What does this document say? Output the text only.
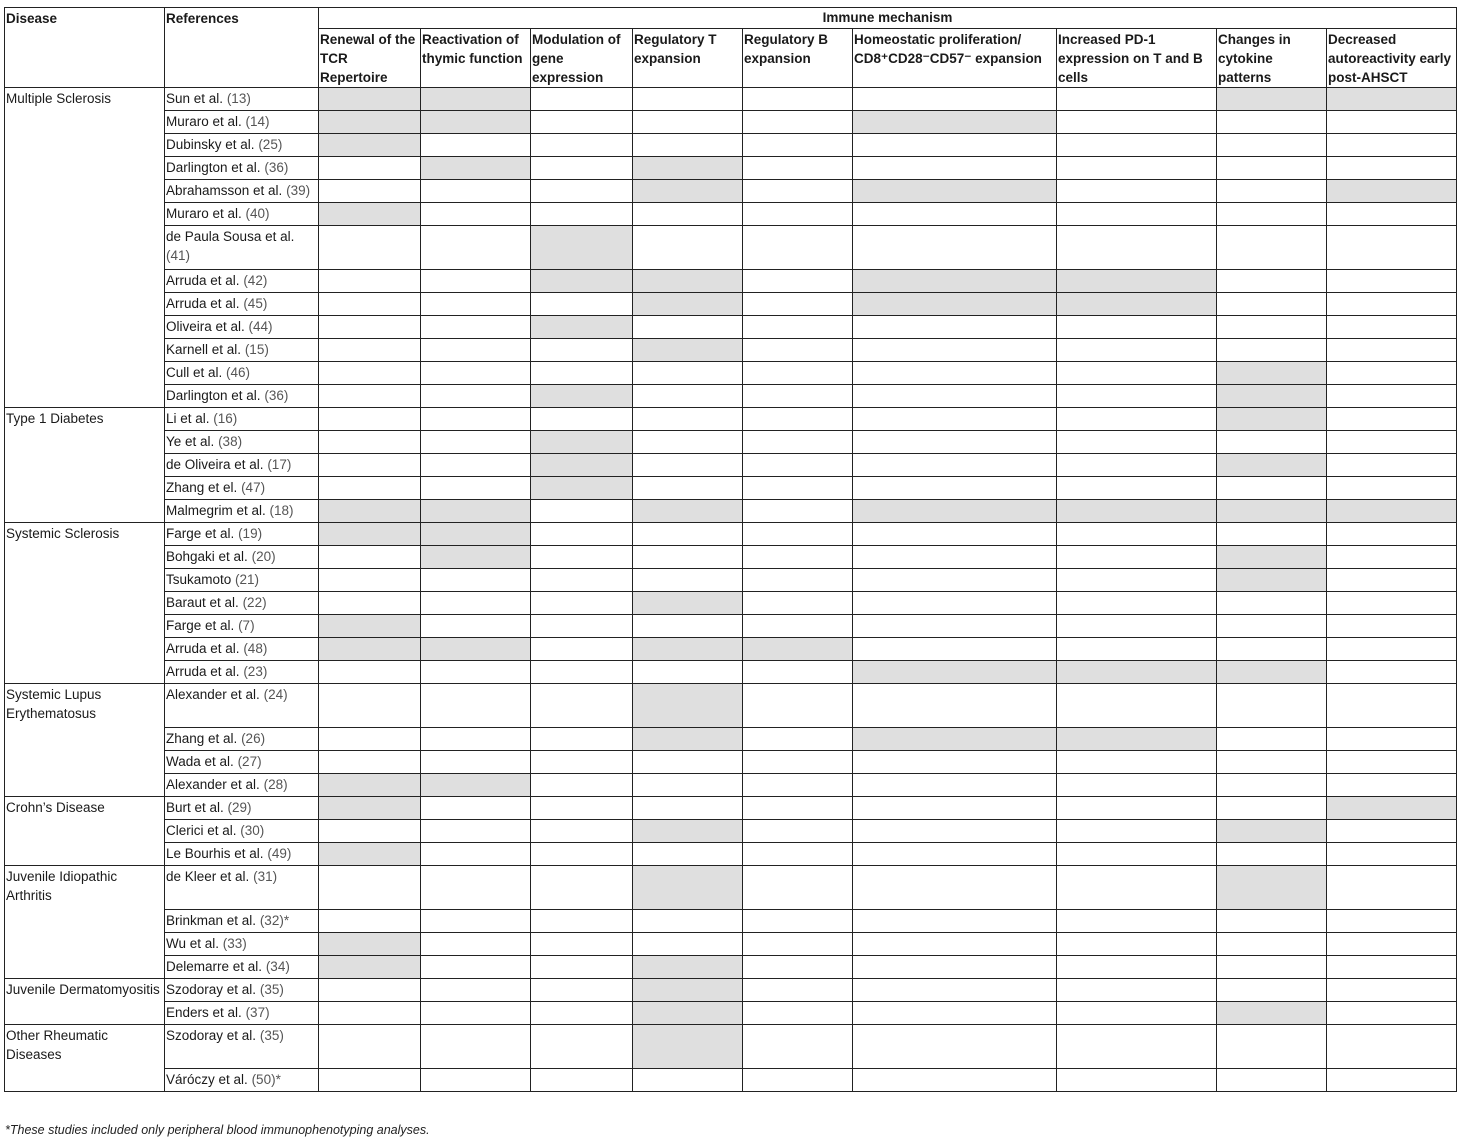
Disease	References	Immune mechanism								
		Renewal of the TCR Repertoire	Reactivation of thymic function	Modulation of gene expression	Regulatory T expansion	Regulatory B expansion	Homeostatic proliferation/ CD8⁺CD28⁻CD57⁻ expansion	Increased PD-1 expression on T and B cells	Changes in cytokine patterns	Decreased autoreactivity early post-AHSCT
Multiple Sclerosis	Sun et al. (13)									
	Muraro et al. (14)									
	Dubinsky et al. (25)									
	Darlington et al. (36)									
	Abrahamsson et al. (39)									
	Muraro et al. (40)									
	de Paula Sousa et al. (41)									
	Arruda et al. (42)									
	Arruda et al. (45)									
	Oliveira et al. (44)									
	Karnell et al. (15)									
	Cull et al. (46)									
	Darlington et al. (36)									
Type 1 Diabetes	Li et al. (16)									
	Ye et al. (38)									
	de Oliveira et al. (17)									
	Zhang et el. (47)									
	Malmegrim et al. (18)									
Systemic Sclerosis	Farge et al. (19)									
	Bohgaki et al. (20)									
	Tsukamoto (21)									
	Baraut et al. (22)									
	Farge et al. (7)									
	Arruda et al. (48)									
	Arruda et al. (23)									
Systemic Lupus Erythematosus	Alexander et al. (24)									
	Zhang et al. (26)									
	Wada et al. (27)									
	Alexander et al. (28)									
Crohn’s Disease	Burt et al. (29)									
	Clerici et al. (30)									
	Le Bourhis et al. (49)									
Juvenile Idiopathic Arthritis	de Kleer et al. (31)									
	Brinkman et al. (32)*									
	Wu et al. (33)									
	Delemarre et al. (34)									
Juvenile Dermatomyositis	Szodoray et al. (35)									
	Enders et al. (37)									
Other Rheumatic Diseases	Szodoray et al. (35)									
	Váróczy et al. (50)*									
*These studies included only peripheral blood immunophenotyping analyses.
